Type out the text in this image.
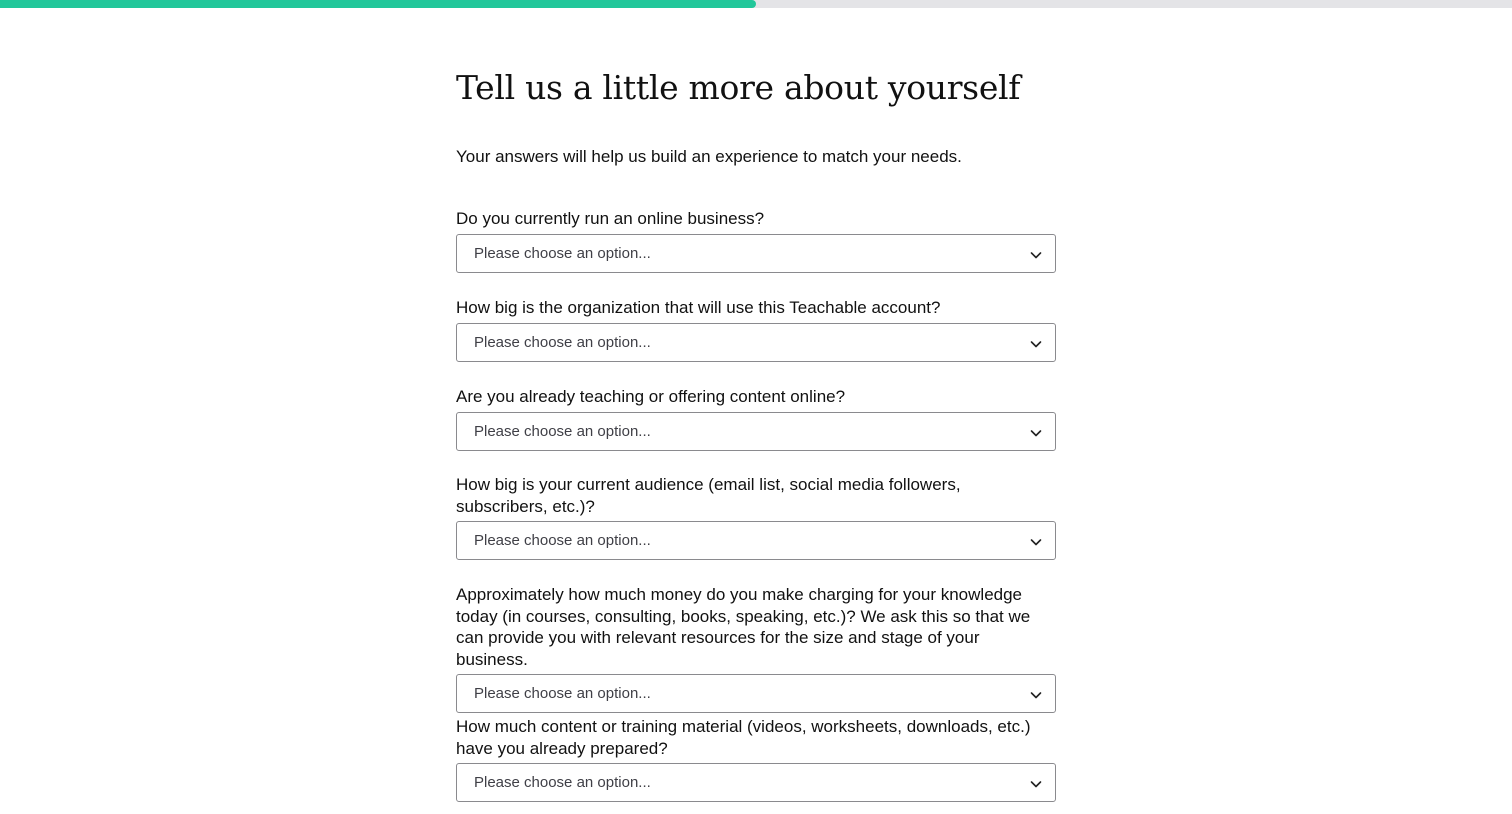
Tell us a little more about yourself

Your answers will help us build an experience to match your needs.

Do you currently run an online business?
Please choose an option...
How big is the organization that will use this Teachable account?
Please choose an option...
Are you already teaching or offering content online?
Please choose an option...
How big is your current audience (email list, social media followers, subscribers, etc.)?
Please choose an option...
Approximately how much money do you make charging for your knowledge today (in courses, consulting, books, speaking, etc.)? We ask this so that we can provide you with relevant resources for the size and stage of your business.
Please choose an option...
How much content or training material (videos, worksheets, downloads, etc.) have you already prepared?
Please choose an option...
